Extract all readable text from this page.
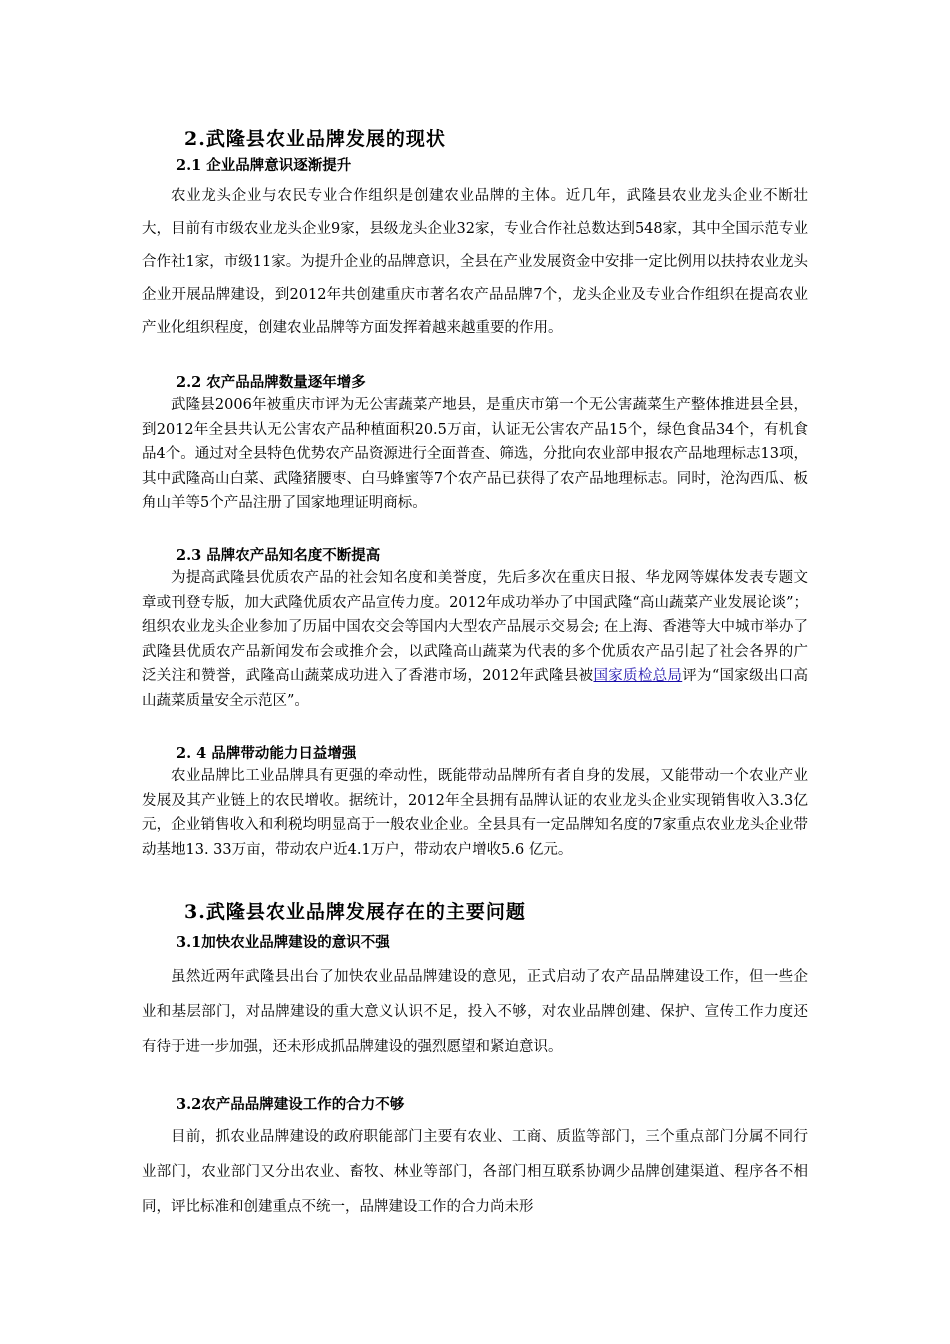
2.武隆县农业品牌发展的现状
2.1 企业品牌意识逐渐提升

农业龙头企业与农民专业合作组织是创建农业品牌的主体。近几年，武隆县农业龙头企业不断壮大，目前有市级农业龙头企业9家，县级龙头企业32家，专业合作社总数达到548家，其中全国示范专业合作社1家，市级11家。为提升企业的品牌意识，全县在产业发展资金中安排一定比例用以扶持农业龙头企业开展品牌建设，到2012年共创建重庆市著名农产品品牌7个，龙头企业及专业合作组织在提高农业产业化组织程度，创建农业品牌等方面发挥着越来越重要的作用。

2.2 农产品品牌数量逐年增多

武隆县2006年被重庆市评为无公害蔬菜产地县，是重庆市第一个无公害蔬菜生产整体推进县全县，到2012年全县共认无公害农产品种植面积20.5万亩，认证无公害农产品15个，绿色食品34个，有机食品4个。通过对全县特色优势农产品资源进行全面普查、筛选，分批向农业部申报农产品地理标志13项，其中武隆高山白菜、武隆猪腰枣、白马蜂蜜等7个农产品已获得了农产品地理标志。同时，沧沟西瓜、板角山羊等5个产品注册了国家地理证明商标。

2.3 品牌农产品知名度不断提高

为提高武隆县优质农产品的社会知名度和美誉度，先后多次在重庆日报、华龙网等媒体发表专题文章或刊登专版，加大武隆优质农产品宣传力度。2012年成功举办了中国武隆“高山蔬菜产业发展论谈”；组织农业龙头企业参加了历届中国农交会等国内大型农产品展示交易会; 在上海、香港等大中城市举办了武隆县优质农产品新闻发布会或推介会，以武隆高山蔬菜为代表的多个优质农产品引起了社会各界的广泛关注和赞誉，武隆高山蔬菜成功进入了香港市场，2012年武隆县被国家质检总局评为“国家级出口高山蔬菜质量安全示范区”。

2. 4 品牌带动能力日益增强

农业品牌比工业品牌具有更强的牵动性，既能带动品牌所有者自身的发展，又能带动一个农业产业发展及其产业链上的农民增收。据统计，2012年全县拥有品牌认证的农业龙头企业实现销售收入3.3亿元，企业销售收入和利税均明显高于一般农业企业。全县具有一定品牌知名度的7家重点农业龙头企业带动基地13. 33万亩，带动农户近4.1万户，带动农户增收5.6 亿元。

3.武隆县农业品牌发展存在的主要问题
3.1加快农业品牌建设的意识不强

虽然近两年武隆县出台了加快农业品品牌建设的意见，正式启动了农产品品牌建设工作，但一些企业和基层部门，对品牌建设的重大意义认识不足，投入不够，对农业品牌创建、保护、宣传工作力度还有待于进一步加强，还未形成抓品牌建设的强烈愿望和紧迫意识。

3.2农产品品牌建设工作的合力不够

目前，抓农业品牌建设的政府职能部门主要有农业、工商、质监等部门，三个重点部门分属不同行业部门，农业部门又分出农业、畜牧、林业等部门，各部门相互联系协调少品牌创建渠道、程序各不相同，评比标准和创建重点不统一，品牌建设工作的合力尚未形
